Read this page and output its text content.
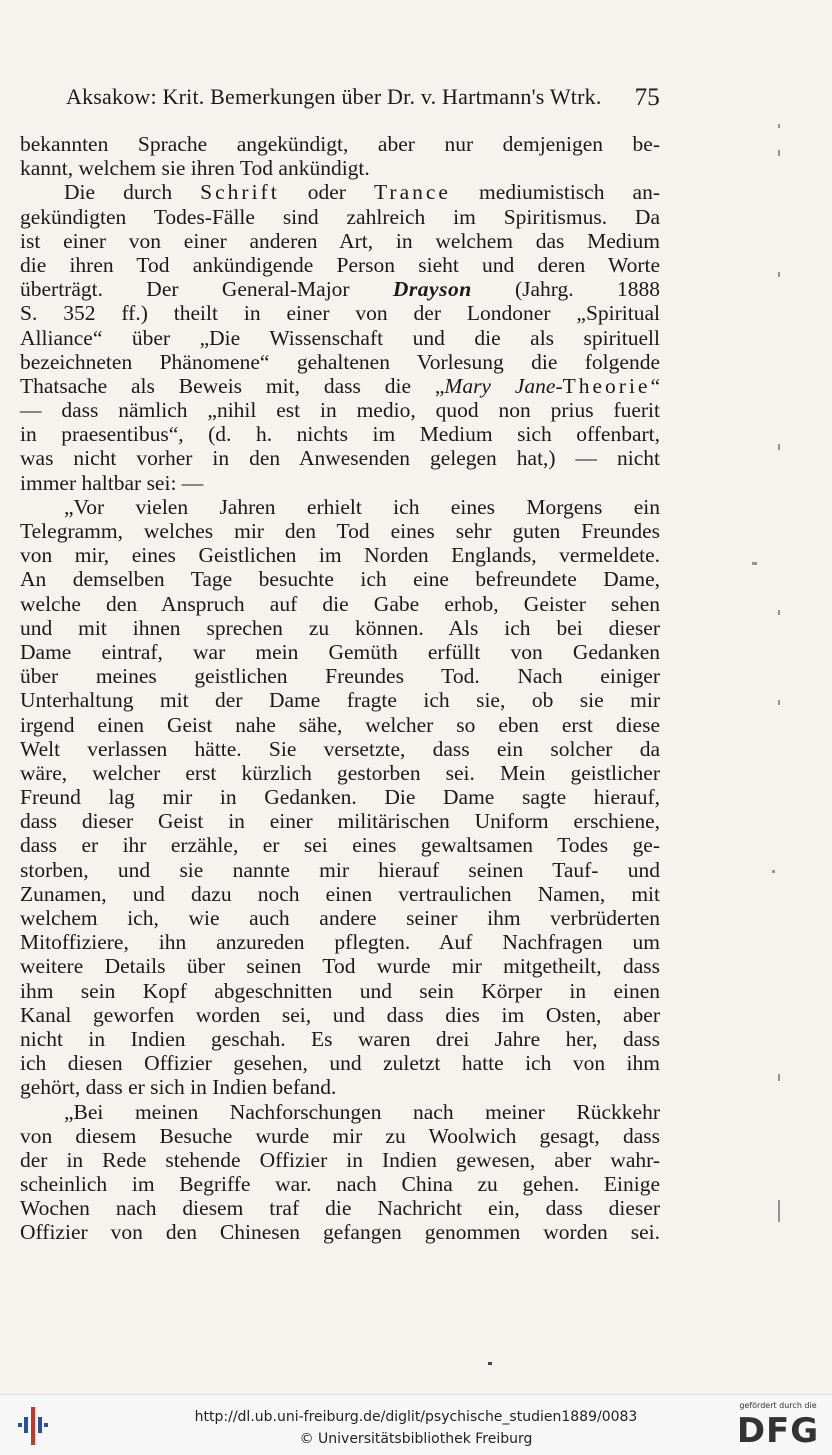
Aksakow: Krit. Bemerkungen über Dr. v. Hartmann's Wtrk. 75
bekannten Sprache angekündigt, aber nur demjenigen be-
kannt, welchem sie ihren Tod ankündigt.
Die durch Schrift oder Trance mediumistisch an-
gekündigten Todes-Fälle sind zahlreich im Spiritismus. Da
ist einer von einer anderen Art, in welchem das Medium
die ihren Tod ankündigende Person sieht und deren Worte
überträgt. Der General-Major Drayson (Jahrg. 1888
S. 352 ff.) theilt in einer von der Londoner „Spiritual
Alliance“ über „Die Wissenschaft und die als spirituell
bezeichneten Phänomene“ gehaltenen Vorlesung die folgende
Thatsache als Beweis mit, dass die „Mary Jane-Theorie“
— dass nämlich „nihil est in medio, quod non prius fuerit
in praesentibus“, (d. h. nichts im Medium sich offenbart,
was nicht vorher in den Anwesenden gelegen hat,) — nicht
immer haltbar sei: —
„Vor vielen Jahren erhielt ich eines Morgens ein
Telegramm, welches mir den Tod eines sehr guten Freundes
von mir, eines Geistlichen im Norden Englands, vermeldete.
An demselben Tage besuchte ich eine befreundete Dame,
welche den Anspruch auf die Gabe erhob, Geister sehen
und mit ihnen sprechen zu können. Als ich bei dieser
Dame eintraf, war mein Gemüth erfüllt von Gedanken
über meines geistlichen Freundes Tod. Nach einiger
Unterhaltung mit der Dame fragte ich sie, ob sie mir
irgend einen Geist nahe sähe, welcher so eben erst diese
Welt verlassen hätte. Sie versetzte, dass ein solcher da
wäre, welcher erst kürzlich gestorben sei. Mein geistlicher
Freund lag mir in Gedanken. Die Dame sagte hierauf,
dass dieser Geist in einer militärischen Uniform erschiene,
dass er ihr erzähle, er sei eines gewaltsamen Todes ge-
storben, und sie nannte mir hierauf seinen Tauf- und
Zunamen, und dazu noch einen vertraulichen Namen, mit
welchem ich, wie auch andere seiner ihm verbrüderten
Mitoffiziere, ihn anzureden pflegten. Auf Nachfragen um
weitere Details über seinen Tod wurde mir mitgetheilt, dass
ihm sein Kopf abgeschnitten und sein Körper in einen
Kanal geworfen worden sei, und dass dies im Osten, aber
nicht in Indien geschah. Es waren drei Jahre her, dass
ich diesen Offizier gesehen, und zuletzt hatte ich von ihm
gehört, dass er sich in Indien befand.
„Bei meinen Nachforschungen nach meiner Rückkehr
von diesem Besuche wurde mir zu Woolwich gesagt, dass
der in Rede stehende Offizier in Indien gewesen, aber wahr-
scheinlich im Begriffe war. nach China zu gehen. Einige
Wochen nach diesem traf die Nachricht ein, dass dieser
Offizier von den Chinesen gefangen genommen worden sei.
http://dl.ub.uni-freiburg.de/diglit/psychische_studien1889/0083
© Universitätsbibliothek Freiburg
gefördert durch die
DFG
